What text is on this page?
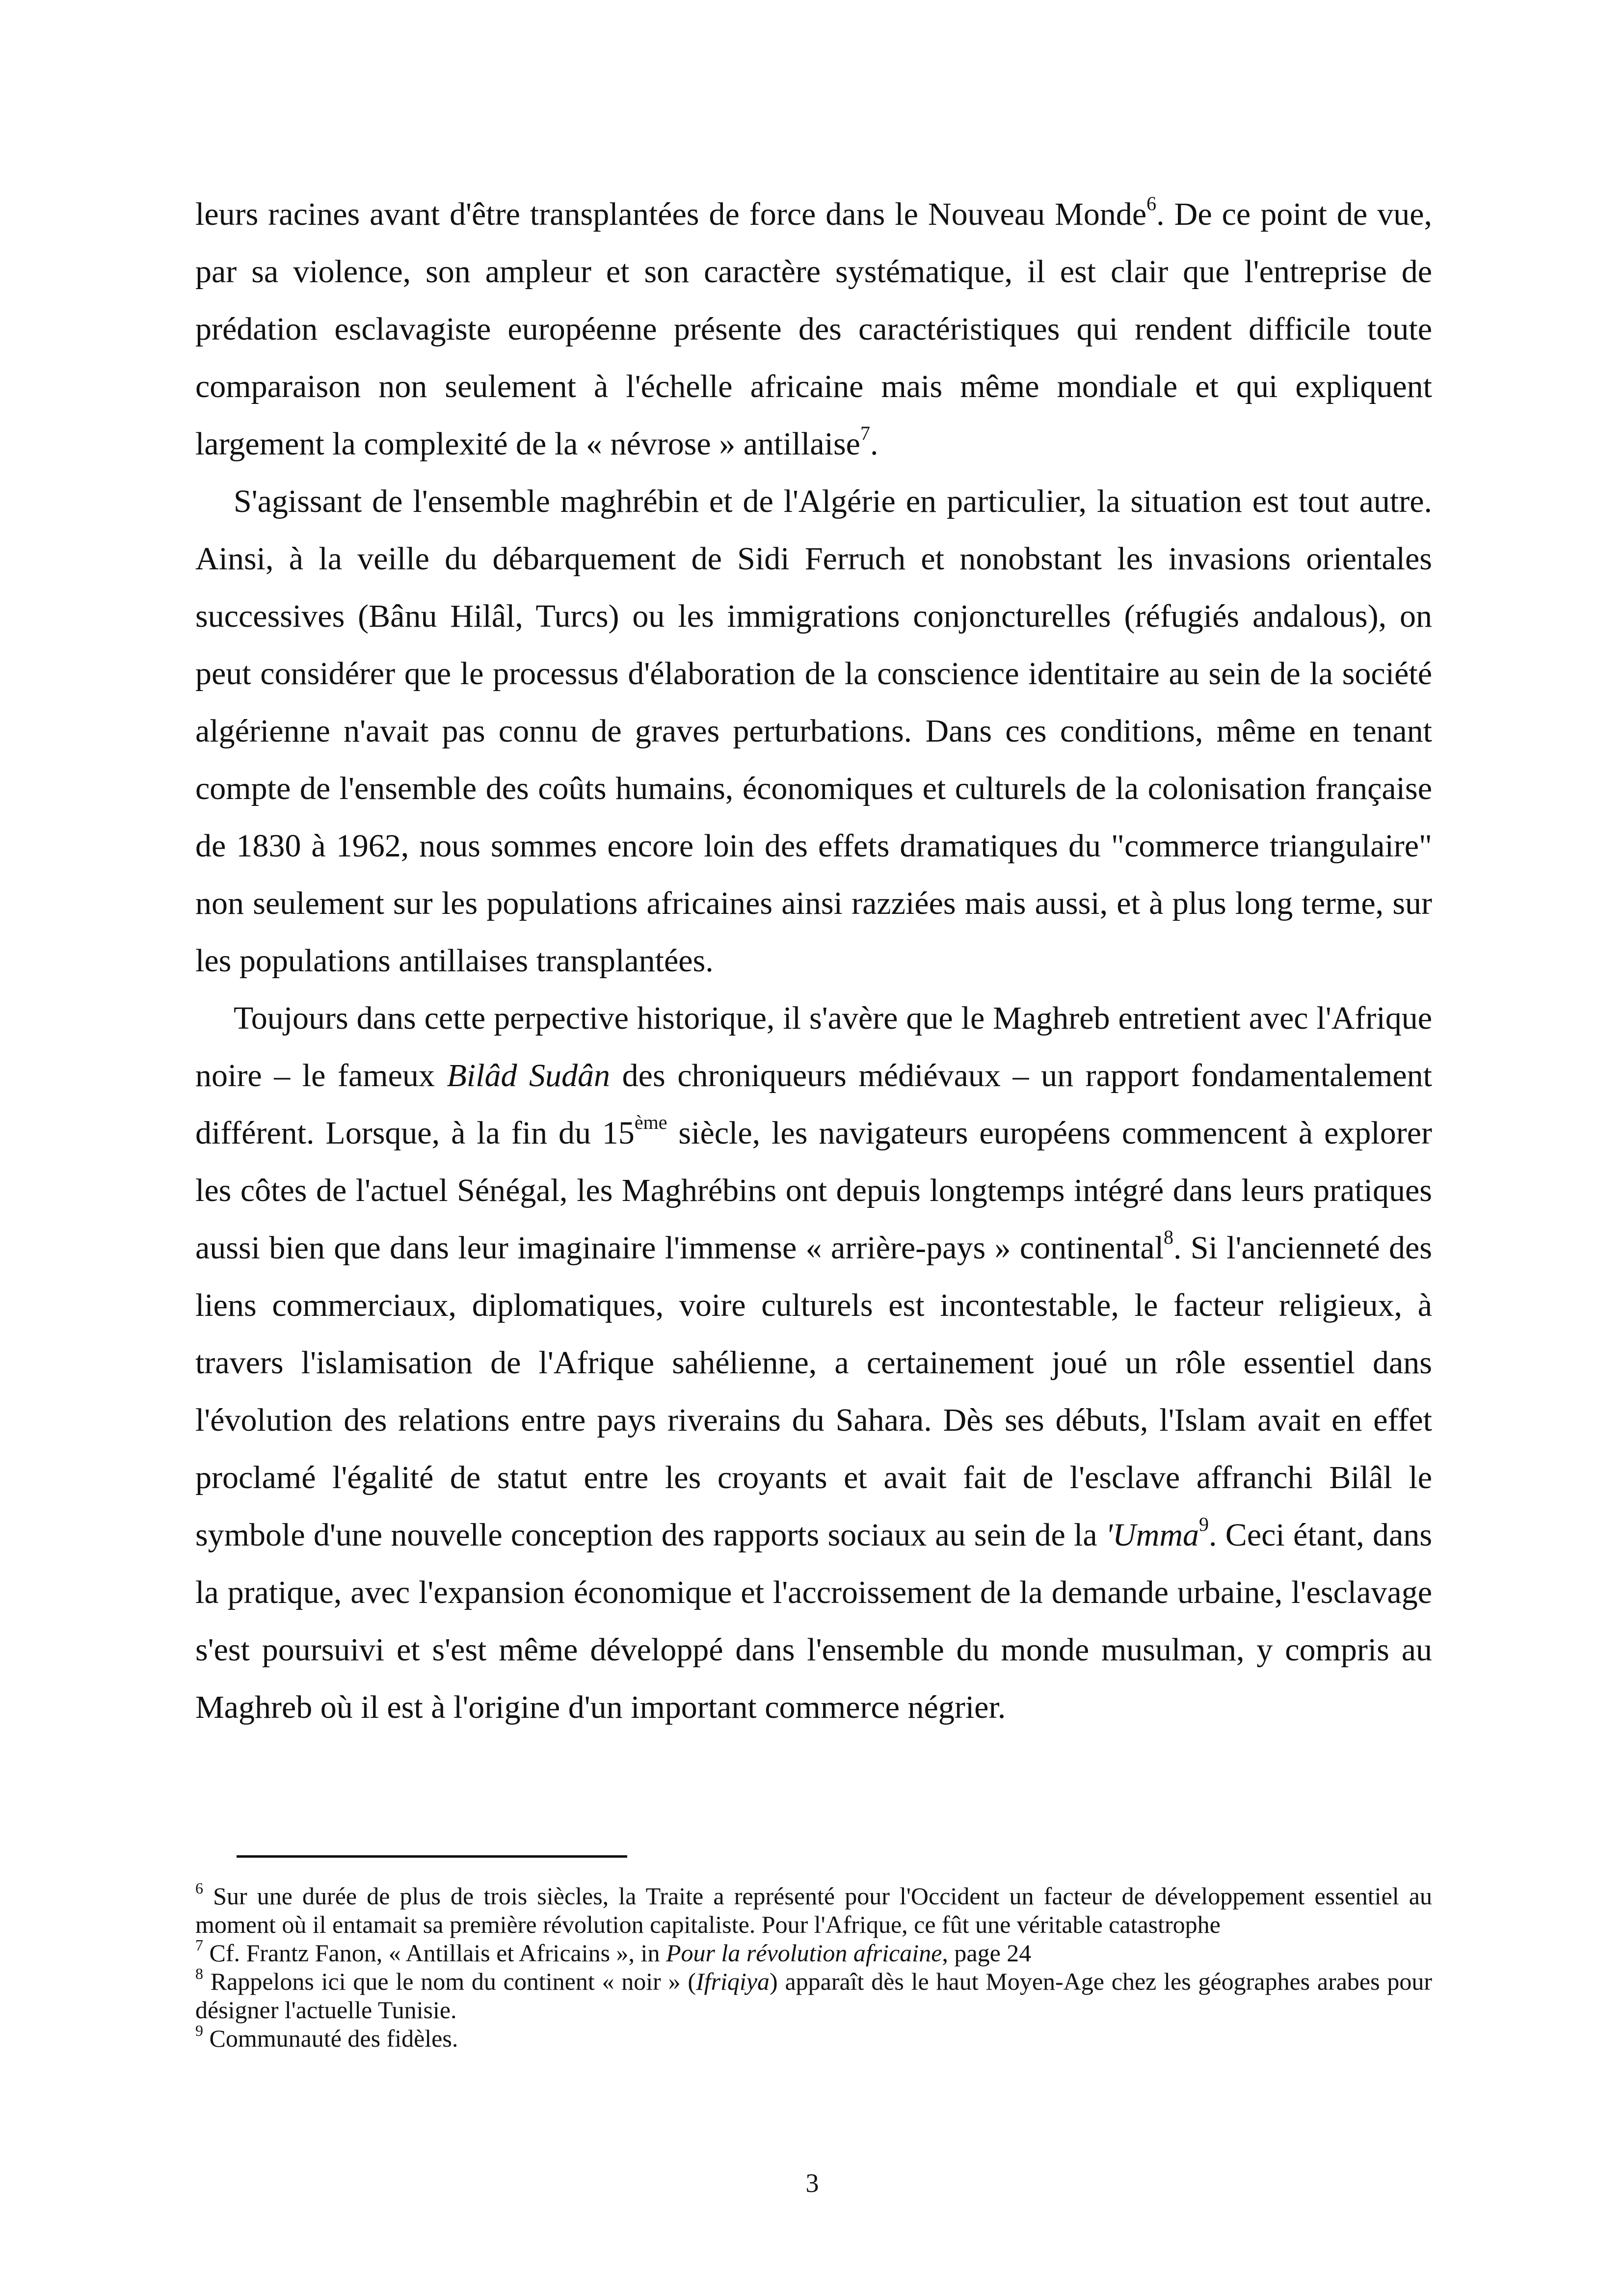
leurs racines avant d'être transplantées de force dans le Nouveau Monde$^6$. De ce point de vue, par sa violence, son ampleur et son caractère systématique, il est clair que l'entreprise de prédation esclavagiste européenne présente des caractéristiques qui rendent difficile toute comparaison non seulement à l'échelle africaine mais même mondiale et qui expliquent largement la complexité de la « névrose » antillaise$^7$.

S'agissant de l'ensemble maghrébin et de l'Algérie en particulier, la situation est tout autre. Ainsi, à la veille du débarquement de Sidi Ferruch et nonobstant les invasions orientales successives (Bânu Hilâl, Turcs) ou les immigrations conjoncturelles (réfugiés andalous), on peut considérer que le processus d'élaboration de la conscience identitaire au sein de la société algérienne n'avait pas connu de graves perturbations. Dans ces conditions, même en tenant compte de l'ensemble des coûts humains, économiques et culturels de la colonisation française de 1830 à 1962, nous sommes encore loin des effets dramatiques du "commerce triangulaire" non seulement sur les populations africaines ainsi razziées mais aussi, et à plus long terme, sur les populations antillaises transplantées.

Toujours dans cette perpective historique, il s'avère que le Maghreb entretient avec l'Afrique noire – le fameux Bilâd Sudân des chroniqueurs médiévaux – un rapport fondamentalement différent. Lorsque, à la fin du 15ème siècle, les navigateurs européens commencent à explorer les côtes de l'actuel Sénégal, les Maghrébins ont depuis longtemps intégré dans leurs pratiques aussi bien que dans leur imaginaire l'immense « arrière-pays » continental$^8$. Si l'ancienneté des liens commerciaux, diplomatiques, voire culturels est incontestable, le facteur religieux, à travers l'islamisation de l'Afrique sahélienne, a certainement joué un rôle essentiel dans l'évolution des relations entre pays riverains du Sahara. Dès ses débuts, l'Islam avait en effet proclamé l'égalité de statut entre les croyants et avait fait de l'esclave affranchi Bilâl le symbole d'une nouvelle conception des rapports sociaux au sein de la 'Umma$^9$. Ceci étant, dans la pratique, avec l'expansion économique et l'accroissement de la demande urbaine, l'esclavage s'est poursuivi et s'est même développé dans l'ensemble du monde musulman, y compris au Maghreb où il est à l'origine d'un important commerce négrier.

$^6$ Sur une durée de plus de trois siècles, la Traite a représenté pour l'Occident un facteur de développement essentiel au moment où il entamait sa première révolution capitaliste. Pour l'Afrique, ce fût une véritable catastrophe

$^7$ Cf. Frantz Fanon, « Antillais et Africains », in Pour la révolution africaine, page 24

$^8$ Rappelons ici que le nom du continent « noir » (Ifriqiya) apparaît dès le haut Moyen-Age chez les géographes arabes pour désigner l'actuelle Tunisie.

$^9$ Communauté des fidèles.

3
